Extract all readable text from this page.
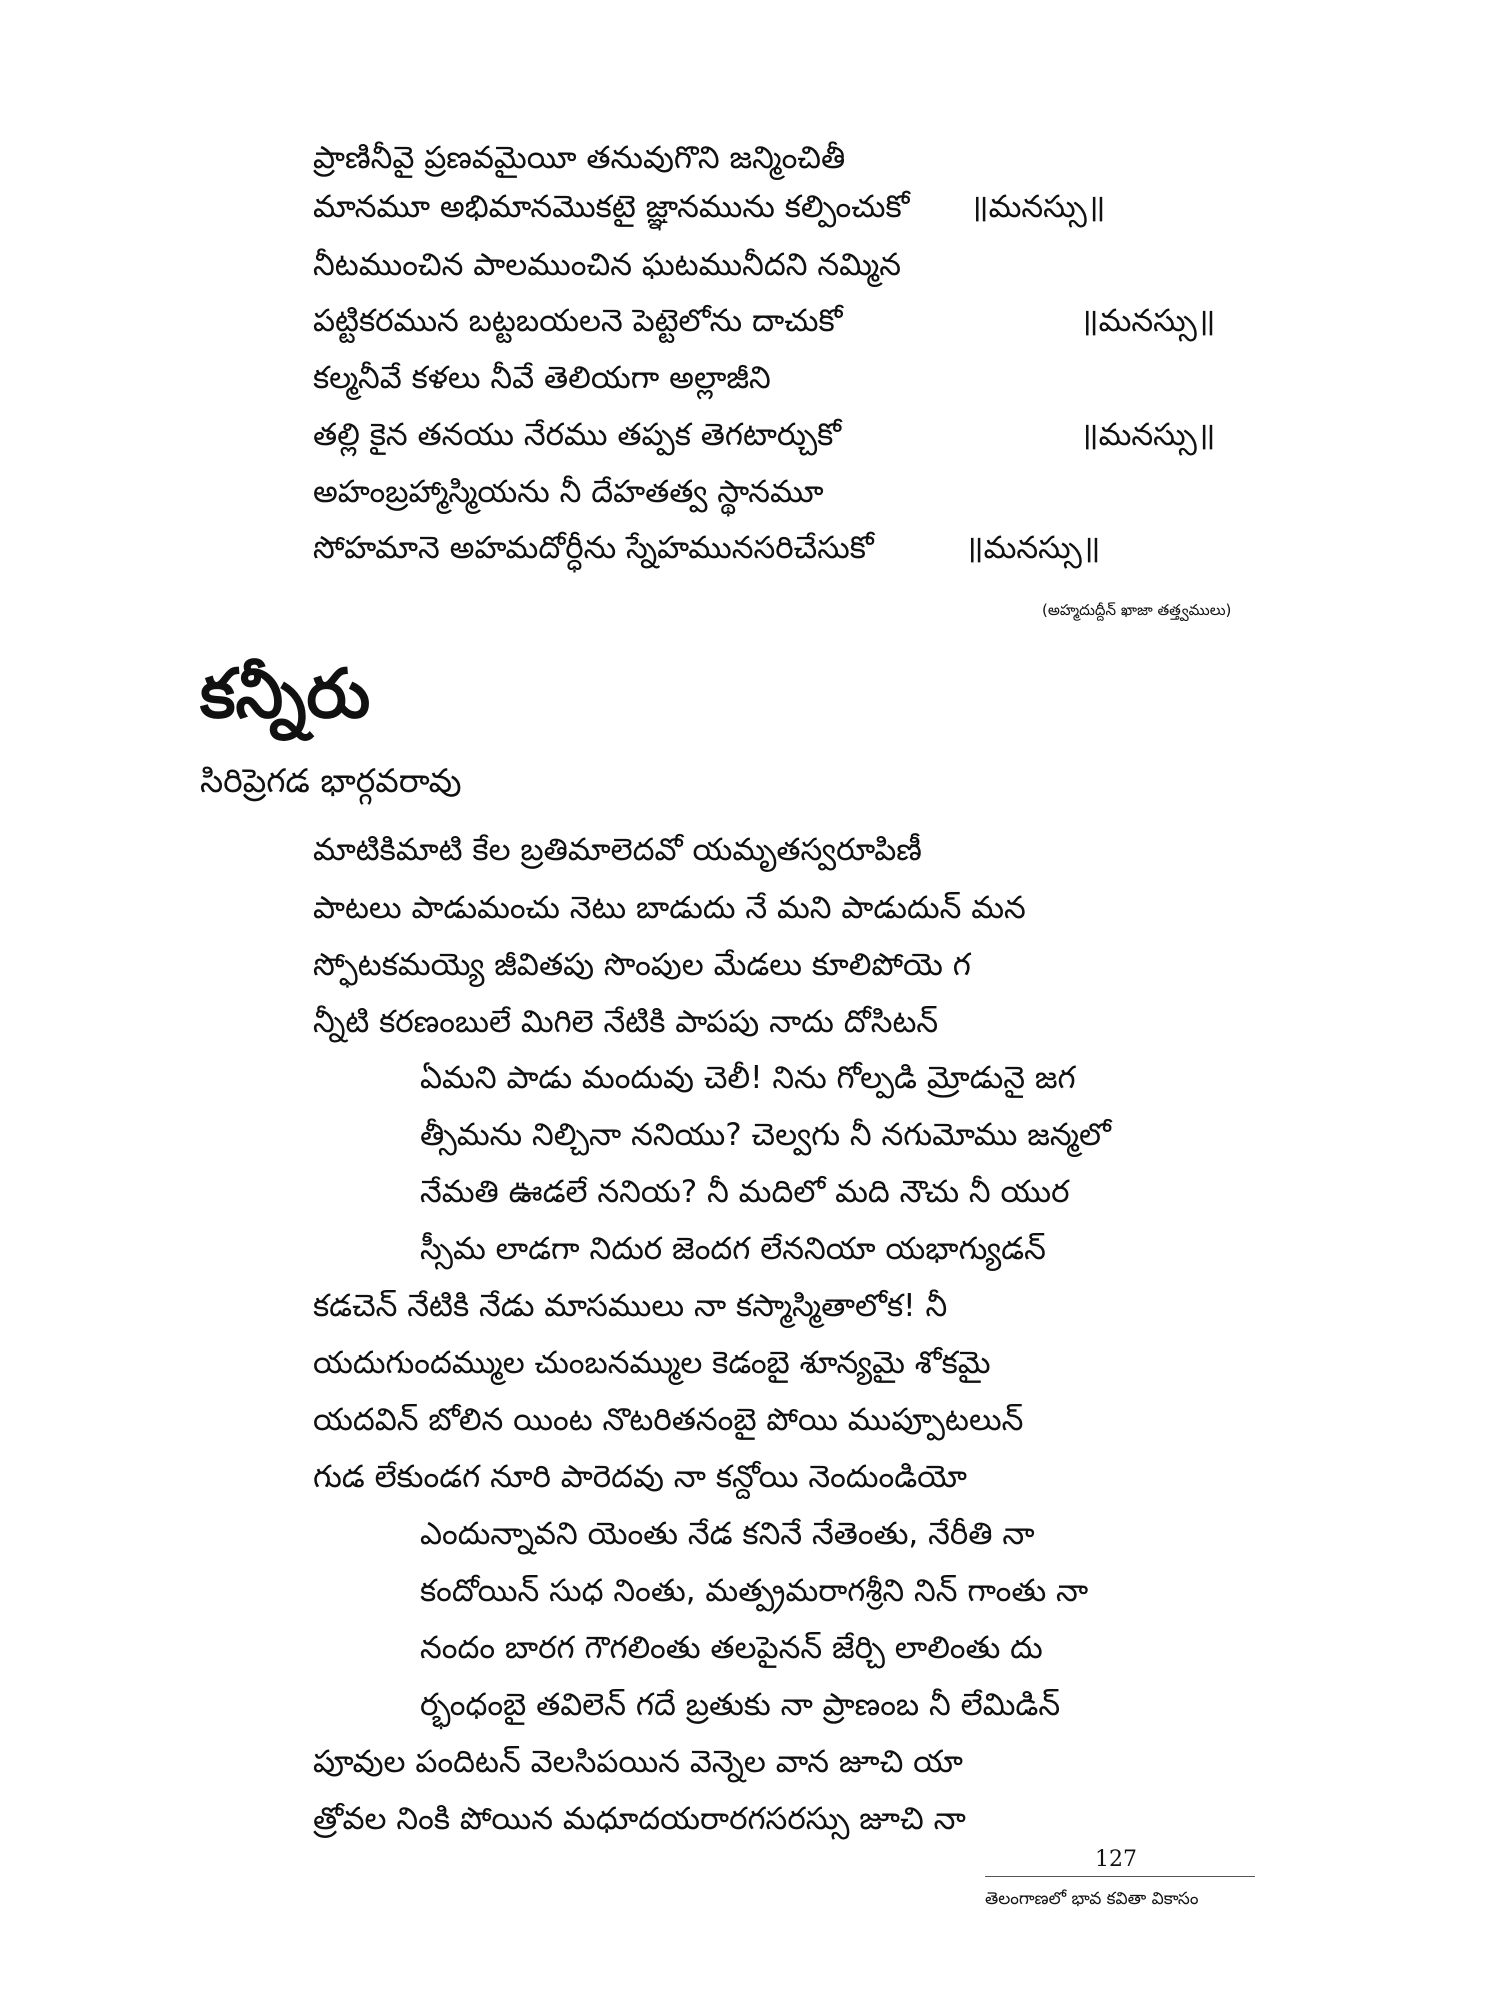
ప్రాణినీవై ప్రణవమైయీ తనువుగొని జన్మించితీ
మానమూ అభిమానమొకటై జ్ఞానమును కల్పించుకో ॥మనస్సు॥
నీటముంచిన పాలముంచిన ఘటమునీదని నమ్మిన
పట్టికరమున బట్టబయలనె పెట్టెలోను దాచుకో	॥మనస్సు॥
కల్మనీవే కళలు నీవే తెలియగా అల్లాజీని
తల్లి కైన తనయు నేరము తప్పక తెగటార్చుకో	॥మనస్సు॥
అహంబ్రహ్మాస్మియను నీ దేహతత్వ స్థానమూ
సోహమానె అహమదోర్ధీను స్నేహమునసరిచేసుకో	॥మనస్సు॥
(అహ్మదుద్దీన్ ఖాజా తత్త్వములు)
కన్నీరు
సిరిప్రెగడ భార్గవరావు
మాటికిమాటి కేల బ్రతిమాలెదవో యమృతస్వరూపిణీ
పాటలు పాడుమంచు నెటు బాడుదు నే మని పాడుదున్ మన
స్ఫోటకమయ్యె జీవితపు సొంపుల మేడలు కూలిపోయె గ
న్నీటి కరణంబులే మిగిలె నేటికి పాపపు నాదు దోసిటన్
ఏమని పాడు మందువు చెలీ! నిను గోల్పడి మ్రోడునై జగ
త్సీమను నిల్చినా ననియు? చెల్వగు నీ నగుమోము జన్మలో
నేమతి ఊడలే ననియ? నీ మదిలో మది నౌచు నీ యుర
స్సీమ లాడగా నిదుర జెందగ లేననియా యభాగ్యుడన్
కడచెన్ నేటికి నేడు మాసములు నా కస్మాస్మితాలోక! నీ
యదుగుందమ్ముల చుంబనమ్ముల కెడంబై శూన్యమై శోకమై
యదవిన్ బోలిన యింట నొటరితనంబై పోయి ముప్పూటలున్
గుడ లేకుండగ నూరి పారెదవు నా కన్దోయి నెందుండియో
ఎందున్నావని యెంతు నేడ కనినే నేతెంతు, నేరీతి నా
కందోయిన్ సుధ నింతు, మత్ప్రమరాగశ్రీని నిన్ గాంతు నా
నందం బారగ గౌగలింతు తలపైనన్ జేర్చి లాలింతు దు
ర్భంధంబై తవిలెన్ గదే బ్రతుకు నా ప్రాణంబ నీ లేమిడిన్
పూవుల పందిటన్ వెలసిపయిన వెన్నెల వాన జూచి యా
త్రోవల నింకి పోయిన మధూదయరారగసరస్సు జూచి నా
127
తెలంగాణలో భావ కవితా వికాసం
